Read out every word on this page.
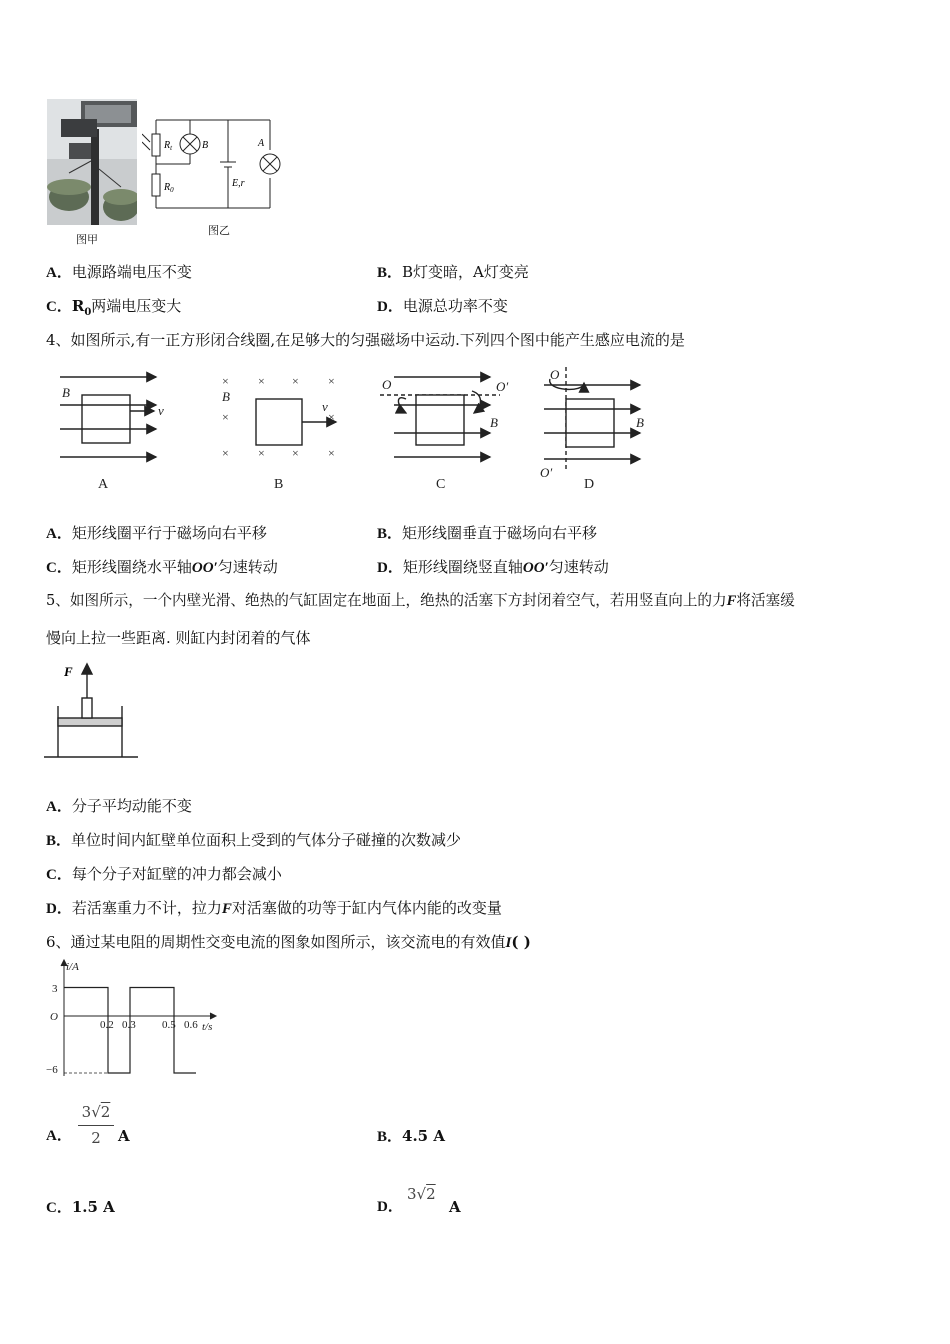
图甲
$R_t$	B
$R_0$
E,r
A
图乙
A．电源路端电压不变	B．B灯变暗，A灯变亮
C．$R_0$两端电压变大	D．电源总功率不变
4、如图所示,有一正方形闭合线圈,在足够大的匀强磁场中运动.下列四个图中能产生感应电流的是
× × × ×
×	×
× × × ×
B
v
B
v
O	O′
B
O
O′
B
A	B	C	D
A．矩形线圈平行于磁场向右平移	B．矩形线圈垂直于磁场向右平移
C．矩形线圈绕水平轴OO′匀速转动	D．矩形线圈绕竖直轴OO′匀速转动
5、如图所示，一个内壁光滑、绝热的气缸固定在地面上，绝热的活塞下方封闭着空气，若用竖直向上的力F将活塞缓
慢向上拉一些距离. 则缸内封闭着的气体
F
A．分子平均动能不变
B．单位时间内缸壁单位面积上受到的气体分子碰撞的次数减少
C．每个分子对缸壁的冲力都会减小
D．若活塞重力不计，拉力F对活塞做的功等于缸内气体内能的改变量
6、通过某电阻的周期性交变电流的图象如图所示，该交流电的有效值I( )
i/A
t/s
O
3
−6
0.2 0.3 0.5 0.6
A．
3√2
2	A	B．4.5 A
C．1.5 A	D．
3√2
A
